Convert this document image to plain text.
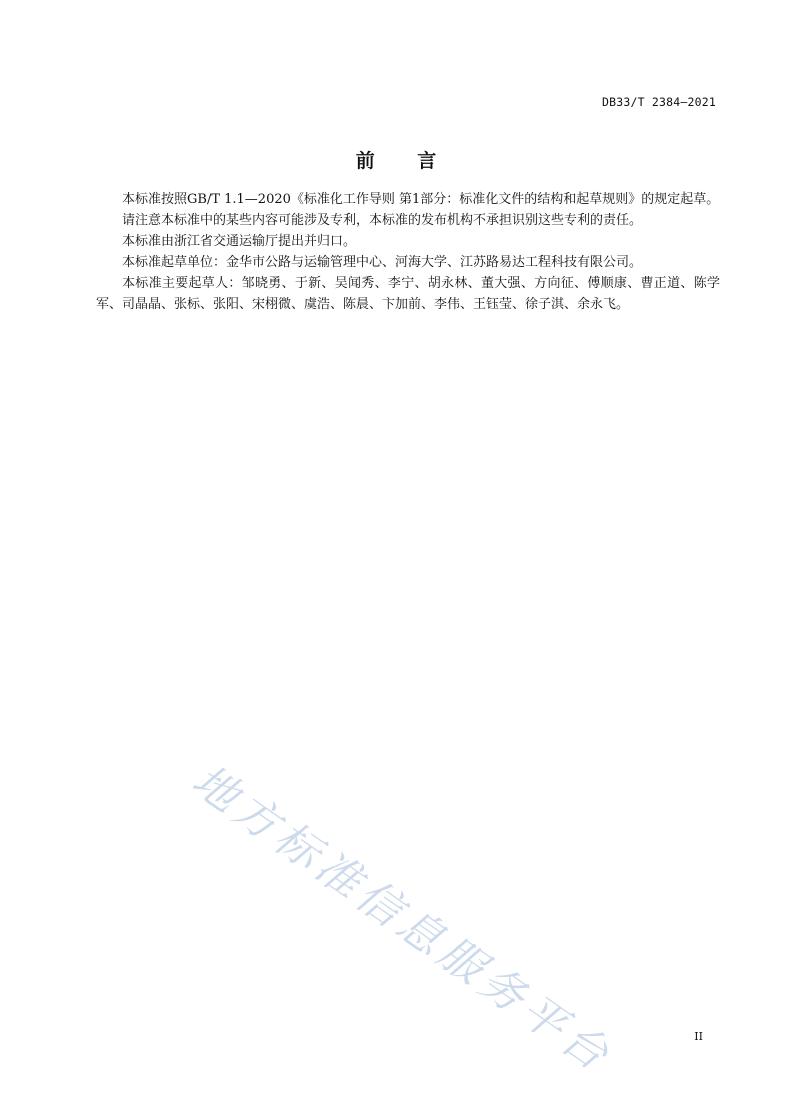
DB33/T 2384—2021
前 言

本标准按照GB/T 1.1—2020《标准化工作导则 第1部分：标准化文件的结构和起草规则》的规定起草。

请注意本标准中的某些内容可能涉及专利，本标准的发布机构不承担识别这些专利的责任。

本标准由浙江省交通运输厅提出并归口。

本标准起草单位：金华市公路与运输管理中心、河海大学、江苏路易达工程科技有限公司。

本标准主要起草人：邹晓勇、于新、吴闻秀、李宁、胡永林、董大强、方向征、傅顺康、曹正道、陈学军、司晶晶、张标、张阳、宋栩微、虞浩、陈晨、卞加前、李伟、王钰莹、徐子淇、余永飞。

地方标准信息服务平台	II
